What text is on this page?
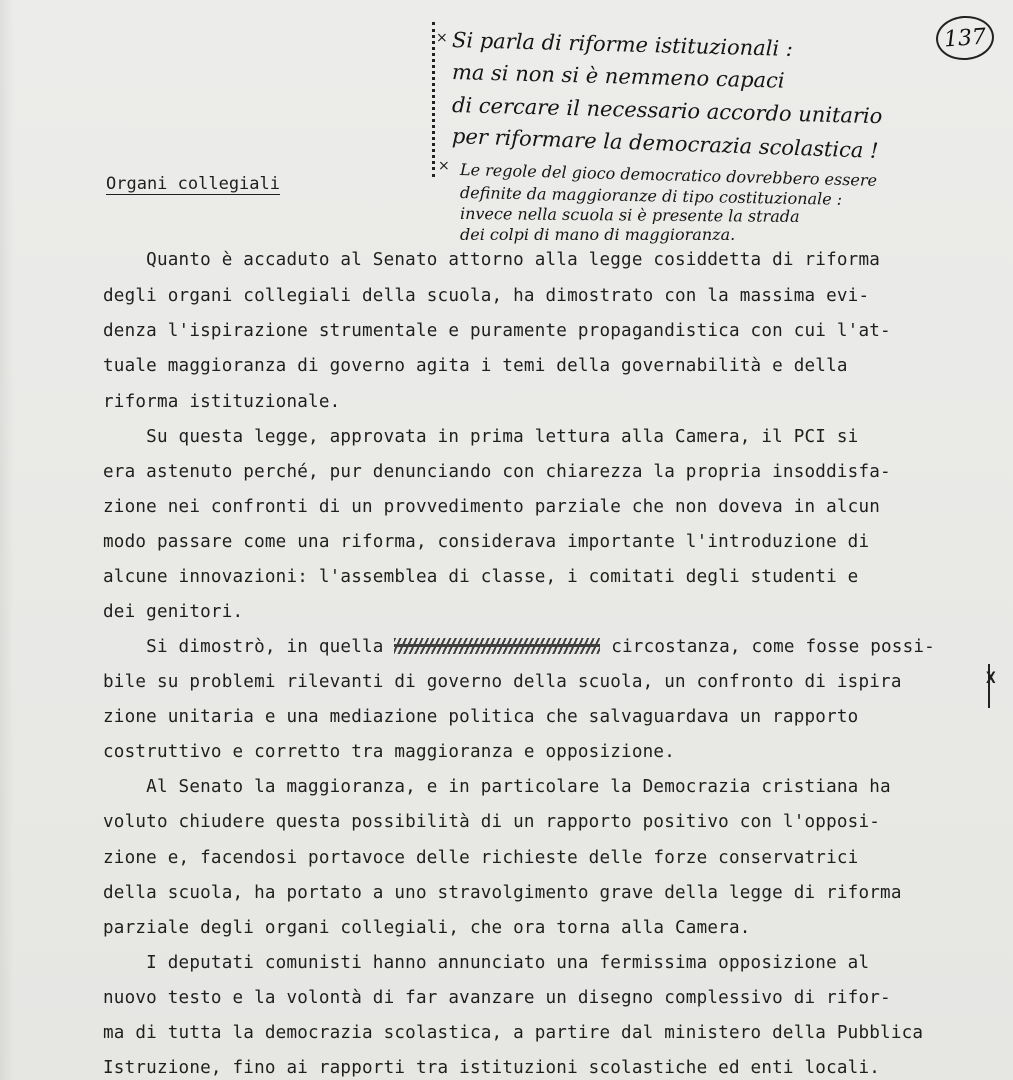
137
×
×
Si parla di riforme istituzionali :
ma si non si è nemmeno capaci
di cercare il necessario accordo unitario
per riformare la democrazia scolastica !
Le regole del gioco democratico dovrebbero essere
definite da maggioranze di tipo costituzionale :
invece nella scuola si è presente la strada
dei colpi di mano di maggioranza.
Organi collegiali
Quanto è accaduto al Senato attorno alla legge cosiddetta di riforma
degli organi collegiali della scuola, ha dimostrato con la massima evi-
denza l'ispirazione strumentale e puramente propagandistica con cui l'at-
tuale maggioranza di governo agita i temi della governabilità e della
riforma istituzionale.
Su questa legge, approvata in prima lettura alla Camera, il PCI si
era astenuto perché, pur denunciando con chiarezza la propria insoddisfa-
zione nei confronti di un provvedimento parziale che non doveva in alcun
modo passare come una riforma, considerava importante l'introduzione di
alcune innovazioni: l'assemblea di classe, i comitati degli studenti e
dei genitori.
Si dimostrò, in quella	circostanza, come fosse possi-
bile su problemi rilevanti di governo della scuola, un confronto di ispira
zione unitaria e una mediazione politica che salvaguardava un rapporto
costruttivo e corretto tra maggioranza e opposizione.
Al Senato la maggioranza, e in particolare la Democrazia cristiana ha
voluto chiudere questa possibilità di un rapporto positivo con l'opposi-
zione e, facendosi portavoce delle richieste delle forze conservatrici
della scuola, ha portato a uno stravolgimento grave della legge di riforma
parziale degli organi collegiali, che ora torna alla Camera.
I deputati comunisti hanno annunciato una fermissima opposizione al
nuovo testo e la volontà di far avanzare un disegno complessivo di rifor-
ma di tutta la democrazia scolastica, a partire dal ministero della Pubblica
Istruzione, fino ai rapporti tra istituzioni scolastiche ed enti locali.
X
